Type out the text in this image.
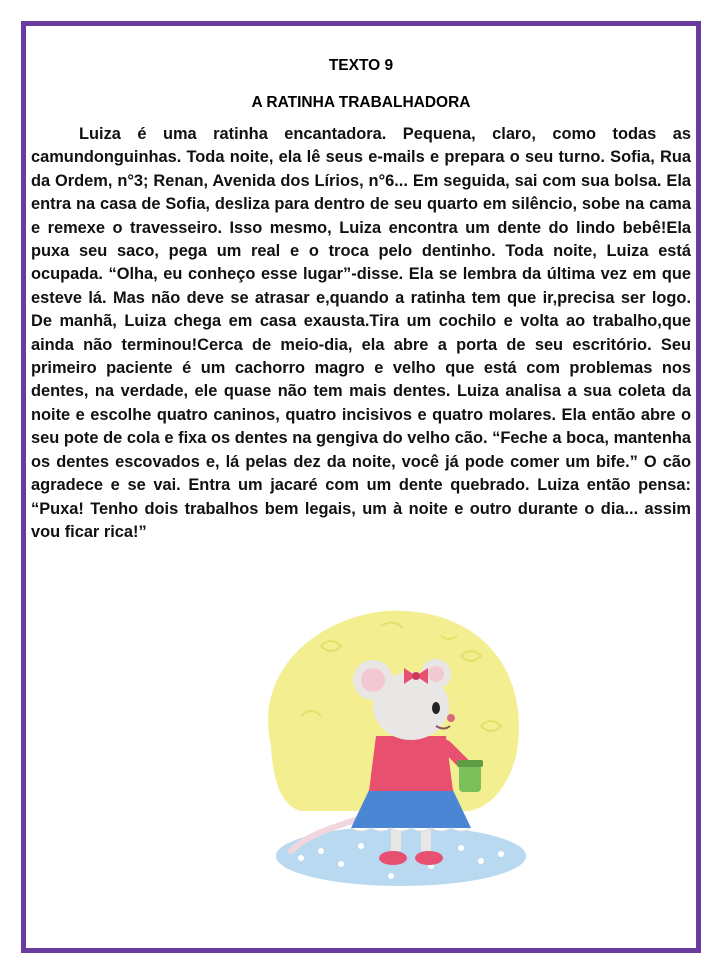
TEXTO 9
A RATINHA TRABALHADORA

Luiza é uma ratinha encantadora. Pequena, claro, como todas as camundonguinhas. Toda noite, ela lê seus e-mails e prepara o seu turno. Sofia, Rua da Ordem, n°3; Renan, Avenida dos Lírios, n°6... Em seguida, sai com sua bolsa. Ela entra na casa de Sofia, desliza para dentro de seu quarto em silêncio, sobe na cama e remexe o travesseiro. Isso mesmo, Luiza encontra um dente do lindo bebê!Ela puxa seu saco, pega um real e o troca pelo dentinho. Toda noite, Luiza está ocupada. “Olha, eu conheço esse lugar”-disse. Ela se lembra da última vez em que esteve lá. Mas não deve se atrasar e,quando a ratinha tem que ir,precisa ser logo. De manhã, Luiza chega em casa exausta.Tira um cochilo e volta ao trabalho,que ainda não terminou!Cerca de meio-dia, ela abre a porta de seu escritório. Seu primeiro paciente é um cachorro magro e velho que está com problemas nos dentes, na verdade, ele quase não tem mais dentes. Luiza analisa a sua coleta da noite e escolhe quatro caninos, quatro incisivos e quatro molares. Ela então abre o seu pote de cola e fixa os dentes na gengiva do velho cão. “Feche a boca, mantenha os dentes escovados e, lá pelas dez da noite, você já pode comer um bife.” O cão agradece e se vai. Entra um jacaré com um dente quebrado. Luiza então pensa: “Puxa! Tenho dois trabalhos bem legais, um à noite e outro durante o dia... assim vou ficar rica!”
